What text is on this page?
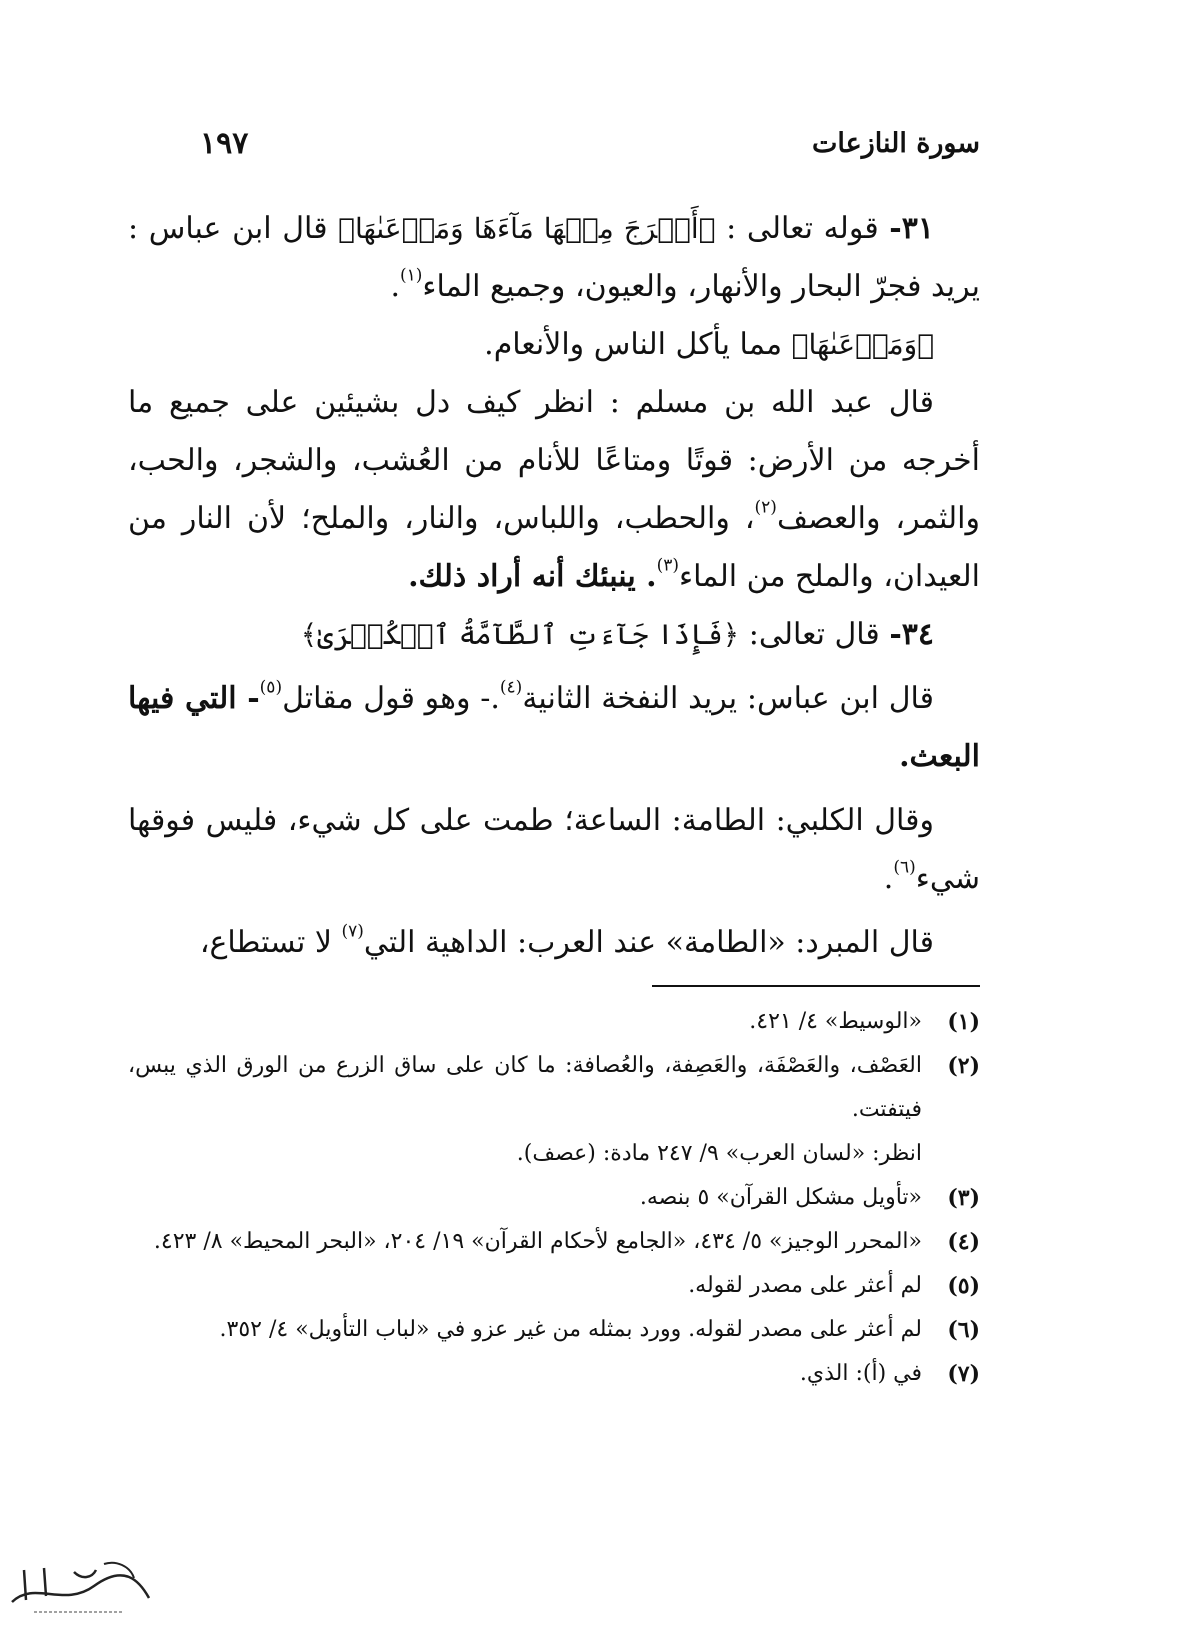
سورة النازعات
١٩٧

٣١- قوله تعالى : ﴿ أَخۡرَجَ مِنۡهَا مَآءَهَا وَمَرۡعَىٰهَا ﴾ قال ابن عباس : يريد فجرّ البحار والأنهار، والعيون، وجميع الماء$^{(١)}$.

﴿ وَمَرۡعَىٰهَا ﴾ مما يأكل الناس والأنعام.

قال عبد الله بن مسلم : انظر كيف دل بشيئين على جميع ما أخرجه من الأرض: قوتًا ومتاعًا للأنام من العُشب، والشجر، والحب، والثمر، والعصف$^{(٢)}$، والحطب، واللباس، والنار، والملح؛ لأن النار من العيدان، والملح من الماء$^{(٣)}$. ينبئك أنه أراد ذلك.

٣٤- قال تعالى: ﴿ فَإِذَا جَآءَتِ ٱلطَّآمَّةُ ٱلۡكُبۡرَىٰ ﴾

قال ابن عباس: يريد النفخة الثانية$^{(٤)}$.- وهو قول مقاتل$^{(٥)}$- التي فيها البعث.

وقال الكلبي: الطامة: الساعة؛ طمت على كل شيء، فليس فوقها شيء$^{(٦)}$.

قال المبرد: «الطامة» عند العرب: الداهية التي$^{(٧)}$ لا تستطاع،

(١)
«الوسيط» ٤/ ٤٢١.
(٢)
العَصْف، والعَصْفَة، والعَصِفة، والعُصافة: ما كان على ساق الزرع من الورق الذي يبس، فيتفتت.
انظر: «لسان العرب» ٩/ ٢٤٧ مادة: (عصف).
(٣)
«تأويل مشكل القرآن» ٥ بنصه.
(٤)
«المحرر الوجيز» ٥/ ٤٣٤، «الجامع لأحكام القرآن» ١٩/ ٢٠٤، «البحر المحيط» ٨/ ٤٢٣.
(٥)
لم أعثر على مصدر لقوله.
(٦)
لم أعثر على مصدر لقوله. وورد بمثله من غير عزو في «لباب التأويل» ٤/ ٣٥٢.
(٧)
في (أ): الذي.
